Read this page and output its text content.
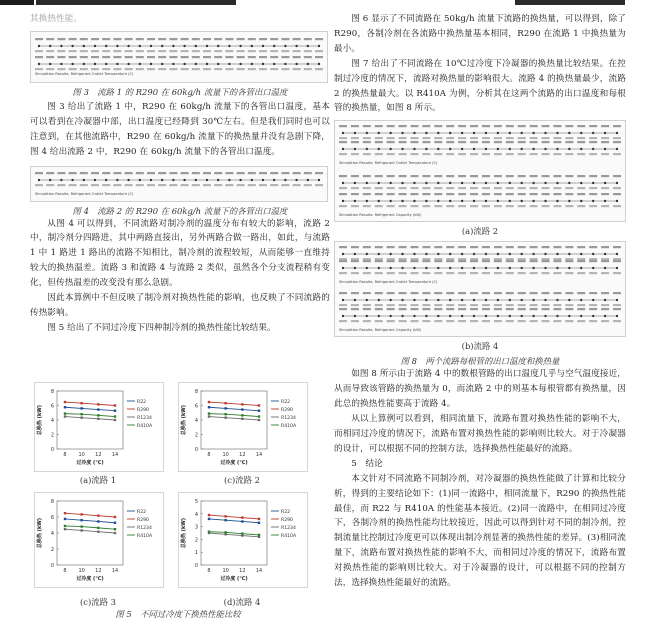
其换热性能。

Simulation Results: Refrigerant Outlet Temperature (C)
图 3　流路 1 的 R290 在 60kg/h 流量下的各管出口温度

图 3 给出了流路 1 中，R290 在 60kg/h 流量下的各管出口温度，基本可以看到在冷凝器中部，出口温度已经降到 30℃左右。但是我们同时也可以注意到，在其他流路中，R290 在 60kg/h 流量下的换热量并没有急剧下降，图 4 给出流路 2 中，R290 在 60kg/h 流量下的各管出口温度。

Simulation Results: Refrigerant Outlet Temperature (C)
图 4　流路 2 的 R290 在 60kg/h 流量下的各管出口温度

从图 4 可以得到，不同流路对制冷剂的温度分布有较大的影响，流路 2 中，制冷剂分四路进，其中两路直接出，另外两路合做一路出，如此，与流路 1 中 1 路进 1 路出的流路不知相比，制冷剂的流程较短，从而能够一直维持较大的换热温差。流路 3 和流路 4 与流路 2 类似，虽然各个分支流程稍有变化，但传热温差的改变没有那么急剧。

因此本算例中不但反映了制冷剂对换热性能的影响，也反映了不同流路的传热影响。

图 5 给出了不同过冷度下四种制冷剂的换热性能比较结果。

8
6
4
2
0
8 10 12 14
过冷度 (℃)
总换热 (kW)
R22
R290
R1234
R410A
(a)流路 1
8
6
4
2
0
8 10 12 14
过冷度 (℃)
总换热 (kW)
R22
R290
R1234
R410A
(c)流路 2
8
6
4
2
0
8 10 12 14
过冷度 (℃)
总换热 (kW)
R22
R290
R1234
R410A
(c)流路 3
5
4
3
2
1
0
8 10 12 14
过冷度 (℃)
总换热 (kW)
R22
R290
R1234
R410A
(d)流路 4
图 5　不同过冷度下换热性能比较

图 6 显示了不同流路在 50kg/h 流量下流路的换热量，可以得到，除了 R290，各制冷剂在各流路中换热量基本相同，R290 在流路 1 中换热量为最小。

图 7 给出了不同流路在 10℃过冷度下冷凝器的换热量比较结果。在控制过冷度的情况下，流路对换热量的影响很大。流路 4 的换热量最少，流路 2 的换热量最大。以 R410A 为例，分析其在这两个流路的出口温度和每根管的换热量，如图 8 所示。

Simulation Results: Refrigerant Outlet Temperature (C)
Simulation Results: Refrigerant Capacity (kW)
(a)流路 2
Simulation Results: Refrigerant Outlet Temperature (C)
Simulation Results: Refrigerant Capacity (kW)
(b)流路 4
图 8　两个流路每根管的出口温度和换热量

如图 8 所示由于流路 4 中的数根管路的出口温度几乎与空气温度接近，从而导致该管路的换热量为 0，而流路 2 中的则基本每根管都有换热量，因此总的换热性能要高于流路 4。

从以上算例可以看到，相同流量下，流路布置对换热性能的影响不大，而相同过冷度的情况下，流路布置对换热性能的影响则比较大。对于冷凝器的设计，可以根据不同的控制方法，选择换热性能最好的流路。

5　结论

本文针对不同流路不同制冷剂，对冷凝器的换热性能做了计算和比较分析，得到的主要结论如下：(1)同一流路中，相同流量下，R290 的换热性能最佳，而 R22 与 R410A 的性能基本接近。(2)同一流路中，在相同过冷度下，各制冷剂的换热性能均比较接近，因此可以得到针对不同的制冷剂，控制流量比控制过冷度更可以体现出制冷剂显著的换热性能的差异。(3)相同流量下，流路布置对换热性能的影响不大，而相同过冷度的情况下，流路布置对换热性能的影响则比较大。对于冷凝器的设计，可以根据不同的控制方法，选择换热性能最好的流路。
